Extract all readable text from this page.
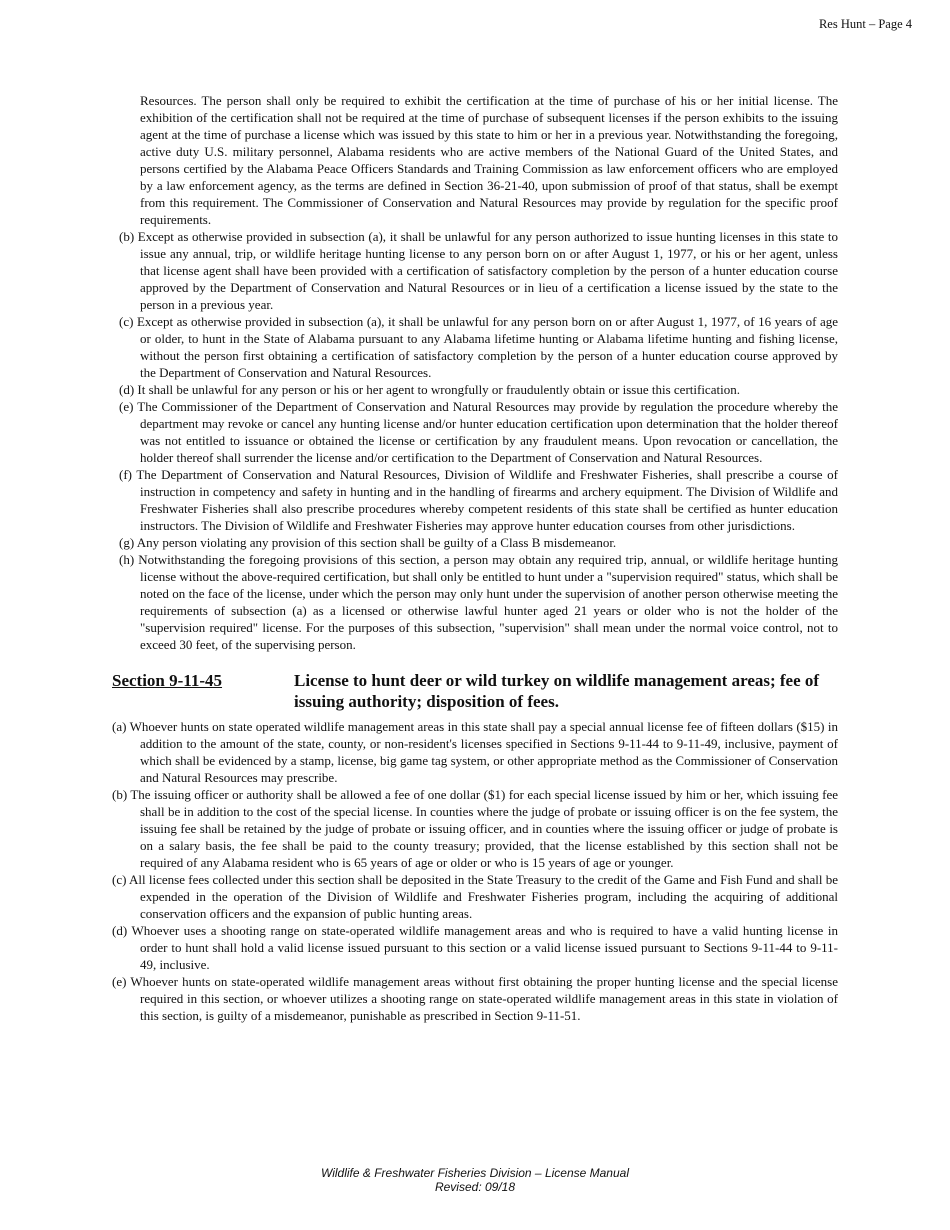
Res Hunt – Page 4

Resources. The person shall only be required to exhibit the certification at the time of purchase of his or her initial license. The exhibition of the certification shall not be required at the time of purchase of subsequent licenses if the person exhibits to the issuing agent at the time of purchase a license which was issued by this state to him or her in a previous year. Notwithstanding the foregoing, active duty U.S. military personnel, Alabama residents who are active members of the National Guard of the United States, and persons certified by the Alabama Peace Officers Standards and Training Commission as law enforcement officers who are employed by a law enforcement agency, as the terms are defined in Section 36-21-40, upon submission of proof of that status, shall be exempt from this requirement. The Commissioner of Conservation and Natural Resources may provide by regulation for the specific proof requirements.

(b) Except as otherwise provided in subsection (a), it shall be unlawful for any person authorized to issue hunting licenses in this state to issue any annual, trip, or wildlife heritage hunting license to any person born on or after August 1, 1977, or his or her agent, unless that license agent shall have been provided with a certification of satisfactory completion by the person of a hunter education course approved by the Department of Conservation and Natural Resources or in lieu of a certification a license issued by the state to the person in a previous year.

(c) Except as otherwise provided in subsection (a), it shall be unlawful for any person born on or after August 1, 1977, of 16 years of age or older, to hunt in the State of Alabama pursuant to any Alabama lifetime hunting or Alabama lifetime hunting and fishing license, without the person first obtaining a certification of satisfactory completion by the person of a hunter education course approved by the Department of Conservation and Natural Resources.

(d) It shall be unlawful for any person or his or her agent to wrongfully or fraudulently obtain or issue this certification.

(e) The Commissioner of the Department of Conservation and Natural Resources may provide by regulation the procedure whereby the department may revoke or cancel any hunting license and/or hunter education certification upon determination that the holder thereof was not entitled to issuance or obtained the license or certification by any fraudulent means. Upon revocation or cancellation, the holder thereof shall surrender the license and/or certification to the Department of Conservation and Natural Resources.

(f) The Department of Conservation and Natural Resources, Division of Wildlife and Freshwater Fisheries, shall prescribe a course of instruction in competency and safety in hunting and in the handling of firearms and archery equipment. The Division of Wildlife and Freshwater Fisheries shall also prescribe procedures whereby competent residents of this state shall be certified as hunter education instructors. The Division of Wildlife and Freshwater Fisheries may approve hunter education courses from other jurisdictions.

(g) Any person violating any provision of this section shall be guilty of a Class B misdemeanor.

(h) Notwithstanding the foregoing provisions of this section, a person may obtain any required trip, annual, or wildlife heritage hunting license without the above-required certification, but shall only be entitled to hunt under a "supervision required" status, which shall be noted on the face of the license, under which the person may only hunt under the supervision of another person otherwise meeting the requirements of subsection (a) as a licensed or otherwise lawful hunter aged 21 years or older who is not the holder of the "supervision required" license. For the purposes of this subsection, "supervision" shall mean under the normal voice control, not to exceed 30 feet, of the supervising person.

Section 9-11-45	License to hunt deer or wild turkey on wildlife management areas; fee of issuing authority; disposition of fees.

(a) Whoever hunts on state operated wildlife management areas in this state shall pay a special annual license fee of fifteen dollars ($15) in addition to the amount of the state, county, or non-resident's licenses specified in Sections 9-11-44 to 9-11-49, inclusive, payment of which shall be evidenced by a stamp, license, big game tag system, or other appropriate method as the Commissioner of Conservation and Natural Resources may prescribe.

(b) The issuing officer or authority shall be allowed a fee of one dollar ($1) for each special license issued by him or her, which issuing fee shall be in addition to the cost of the special license. In counties where the judge of probate or issuing officer is on the fee system, the issuing fee shall be retained by the judge of probate or issuing officer, and in counties where the issuing officer or judge of probate is on a salary basis, the fee shall be paid to the county treasury; provided, that the license established by this section shall not be required of any Alabama resident who is 65 years of age or older or who is 15 years of age or younger.

(c) All license fees collected under this section shall be deposited in the State Treasury to the credit of the Game and Fish Fund and shall be expended in the operation of the Division of Wildlife and Freshwater Fisheries program, including the acquiring of additional conservation officers and the expansion of public hunting areas.

(d) Whoever uses a shooting range on state-operated wildlife management areas and who is required to have a valid hunting license in order to hunt shall hold a valid license issued pursuant to this section or a valid license issued pursuant to Sections 9-11-44 to 9-11-49, inclusive.

(e) Whoever hunts on state-operated wildlife management areas without first obtaining the proper hunting license and the special license required in this section, or whoever utilizes a shooting range on state-operated wildlife management areas in this state in violation of this section, is guilty of a misdemeanor, punishable as prescribed in Section 9-11-51.

Wildlife & Freshwater Fisheries Division – License Manual
Revised: 09/18
